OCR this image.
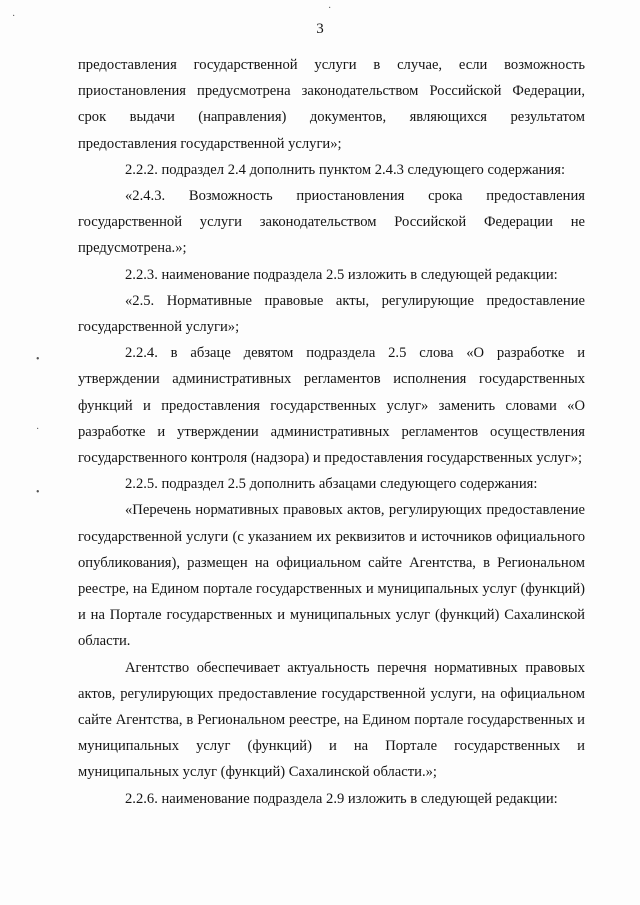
3
·
·
•
·
•

предоставления государственной услуги в случае, если возможность приостановления предусмотрена законодательством Российской Федерации, срок выдачи (направления) документов, являющихся результатом предоставления государственной услуги»;

2.2.2. подраздел 2.4 дополнить пунктом 2.4.3 следующего содержания:

«2.4.3. Возможность приостановления срока предоставления государственной услуги законодательством Российской Федерации не предусмотрена.»;

2.2.3. наименование подраздела 2.5 изложить в следующей редакции:

«2.5. Нормативные правовые акты, регулирующие предоставление государственной услуги»;

2.2.4. в абзаце девятом подраздела 2.5 слова «О разработке и утверждении административных регламентов исполнения государственных функций и предоставления государственных услуг» заменить словами «О разработке и утверждении административных регламентов осуществления государственного контроля (надзора) и предоставления государственных услуг»;

2.2.5. подраздел 2.5 дополнить абзацами следующего содержания:

«Перечень нормативных правовых актов, регулирующих предоставление государственной услуги (с указанием их реквизитов и источников официального опубликования), размещен на официальном сайте Агентства, в Региональном реестре, на Едином портале государственных и муниципальных услуг (функций) и на Портале государственных и муниципальных услуг (функций) Сахалинской области.

Агентство обеспечивает актуальность перечня нормативных правовых актов, регулирующих предоставление государственной услуги, на официальном сайте Агентства, в Региональном реестре, на Едином портале государственных и муниципальных услуг (функций) и на Портале государственных и муниципальных услуг (функций) Сахалинской области.»;

2.2.6. наименование подраздела 2.9 изложить в следующей редакции:
